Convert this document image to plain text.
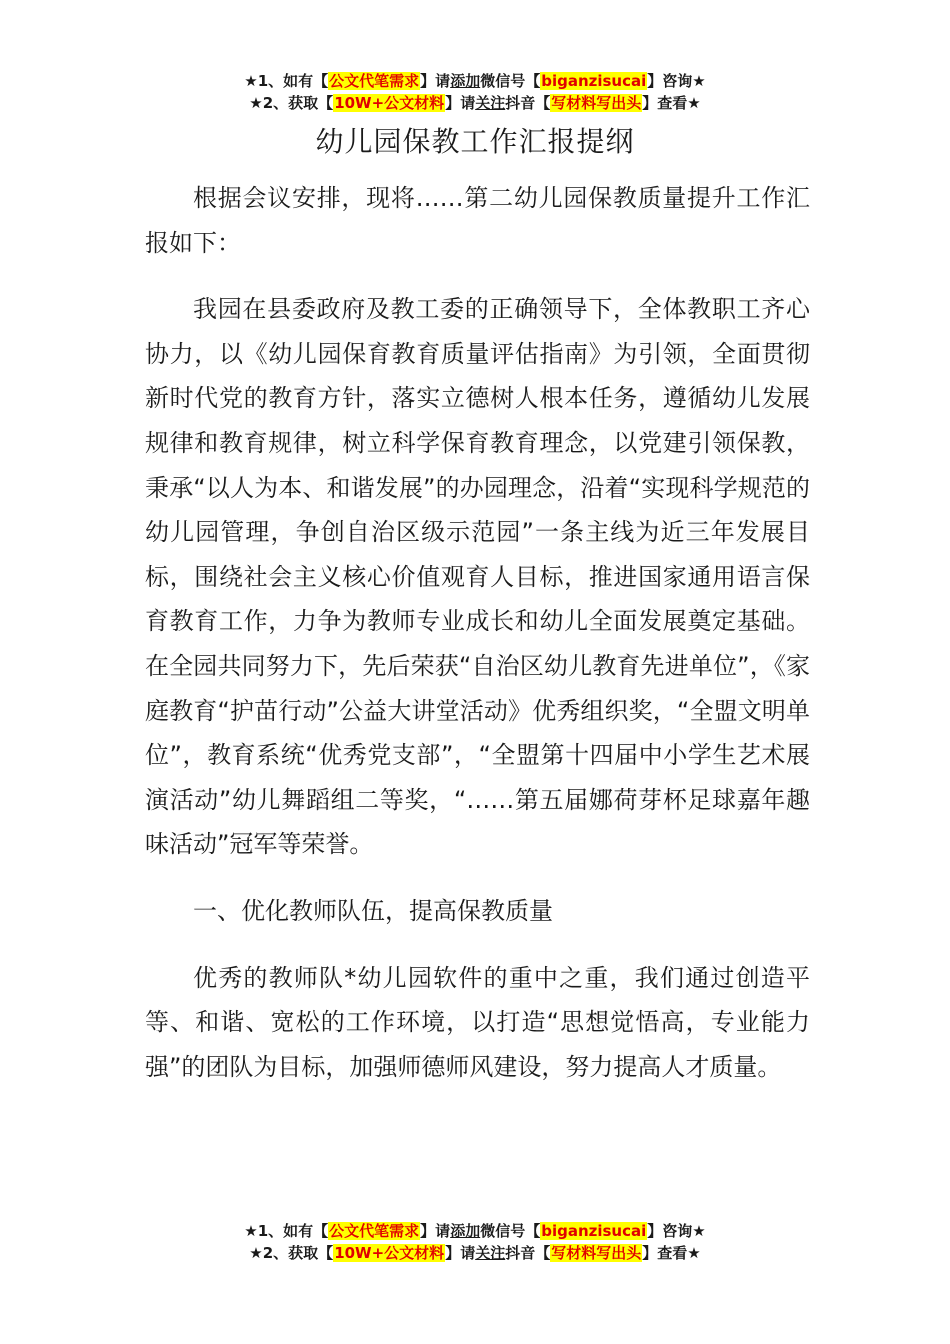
★1、如有【公文代笔需求】请添加微信号【biganzisucai】咨询★
★2、获取【10W+公文材料】请关注抖音【写材料写出头】查看★
幼儿园保教工作汇报提纲

根据会议安排，现将……第二幼儿园保教质量提升工作汇报如下：

我园在县委政府及教工委的正确领导下，全体教职工齐心协力，以《幼儿园保育教育质量评估指南》为引领，全面贯彻新时代党的教育方针，落实立德树人根本任务，遵循幼儿发展规律和教育规律，树立科学保育教育理念，以党建引领保教，秉承“以人为本、和谐发展”的办园理念，沿着“实现科学规范的幼儿园管理，争创自治区级示范园”一条主线为近三年发展目标，围绕社会主义核心价值观育人目标，推进国家通用语言保育教育工作，力争为教师专业成长和幼儿全面发展奠定基础。在全园共同努力下，先后荣获“自治区幼儿教育先进单位”，《家庭教育“护苗行动”公益大讲堂活动》优秀组织奖，“全盟文明单位”，教育系统“优秀党支部”，“全盟第十四届中小学生艺术展演活动”幼儿舞蹈组二等奖，“……第五届娜荷芽杯足球嘉年趣味活动”冠军等荣誉。

一、优化教师队伍，提高保教质量

优秀的教师队*幼儿园软件的重中之重，我们通过创造平等、和谐、宽松的工作环境，以打造“思想觉悟高，专业能力强”的团队为目标，加强师德师风建设，努力提高人才质量。

★1、如有【公文代笔需求】请添加微信号【biganzisucai】咨询★
★2、获取【10W+公文材料】请关注抖音【写材料写出头】查看★
